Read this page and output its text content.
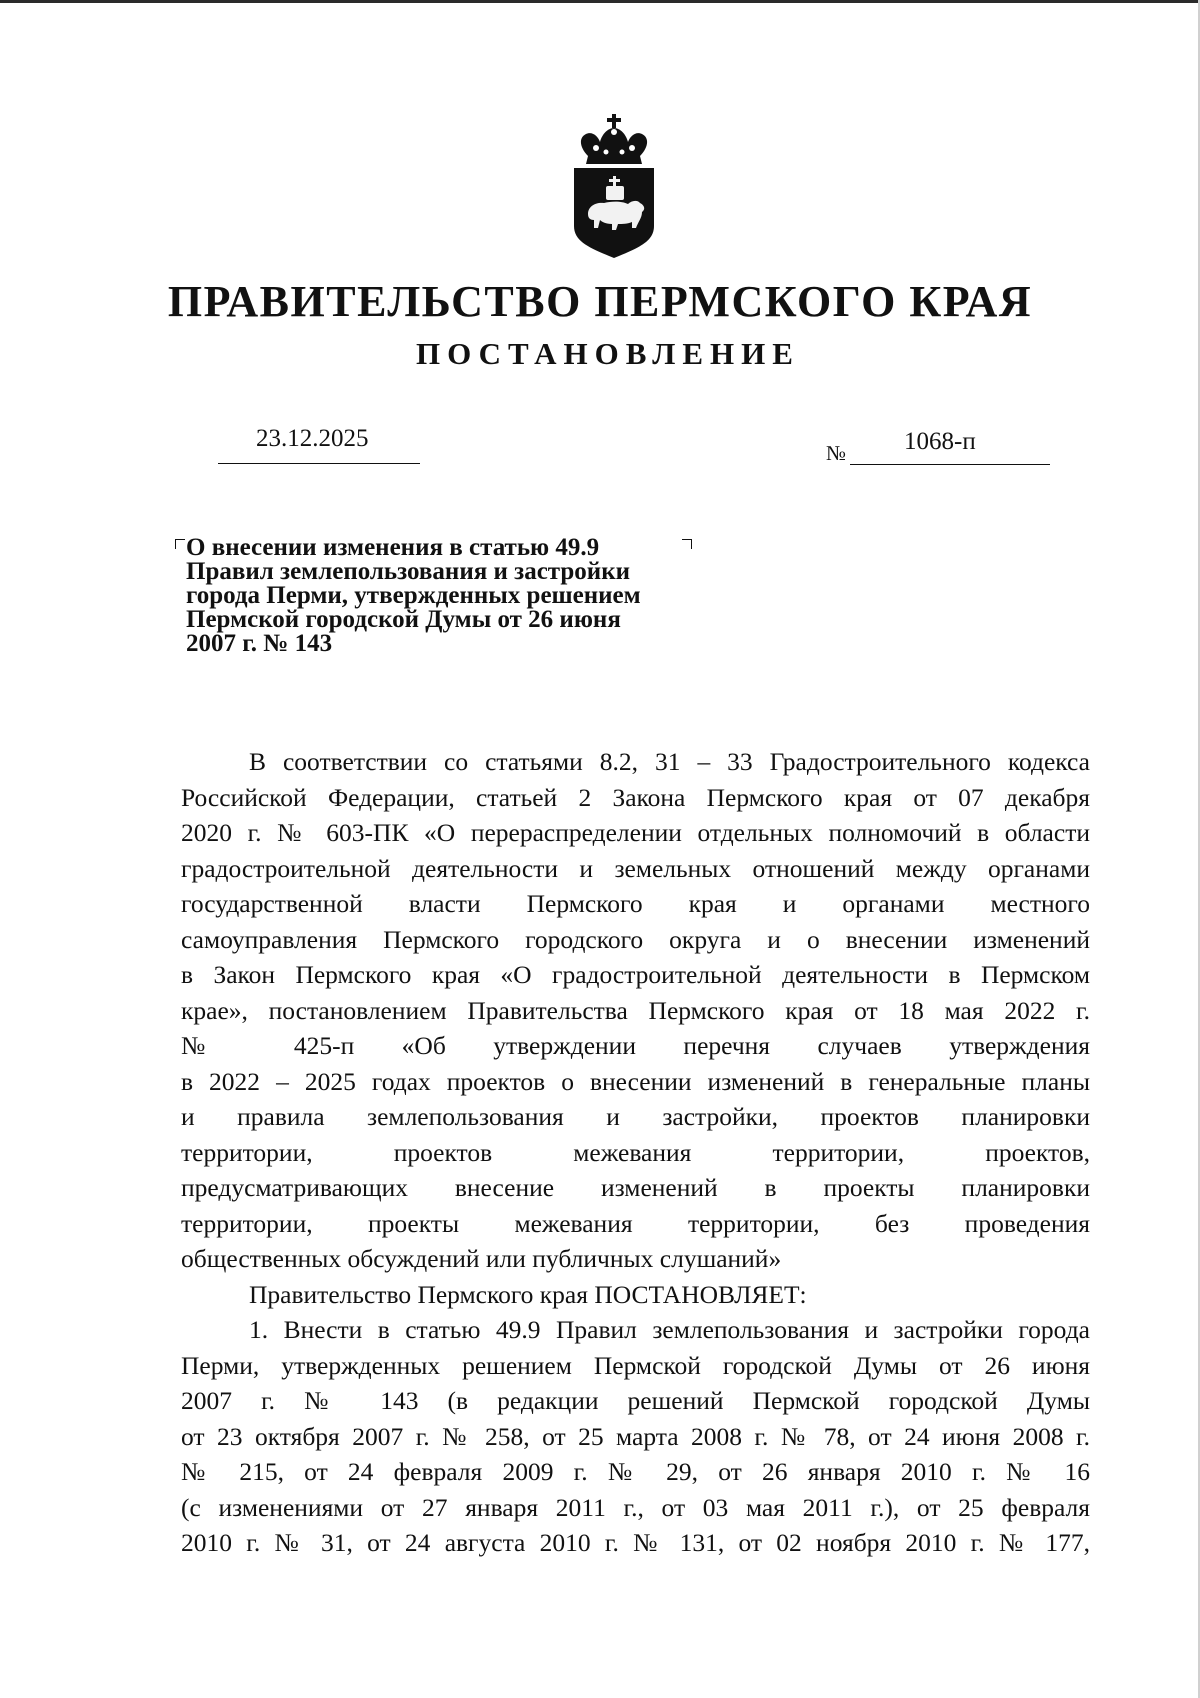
ПРАВИТЕЛЬСТВО ПЕРМСКОГО КРАЯ
ПОСТАНОВЛЕНИЕ
23.12.2025
№ 1068-п
О внесении изменения в статью 49.9
Правил землепользования и застройки
города Перми, утвержденных решением
Пермской городской Думы от 26 июня
2007 г. № 143
В соответствии со статьями 8.2, 31 – 33 Градостроительного кодекса
Российской Федерации, статьей 2 Закона Пермского края от 07 декабря
2020 г. № 603-ПК «О перераспределении отдельных полномочий в области
градостроительной деятельности и земельных отношений между органами
государственной власти Пермского края и органами местного
самоуправления Пермского городского округа и о внесении изменений
в Закон Пермского края «О градостроительной деятельности в Пермском
крае», постановлением Правительства Пермского края от 18 мая 2022 г.
№ 425-п «Об утверждении перечня случаев утверждения
в 2022 – 2025 годах проектов о внесении изменений в генеральные планы
и правила землепользования и застройки, проектов планировки
территории, проектов межевания территории, проектов,
предусматривающих внесение изменений в проекты планировки
территории, проекты межевания территории, без проведения
общественных обсуждений или публичных слушаний»
Правительство Пермского края ПОСТАНОВЛЯЕТ:
1. Внести в статью 49.9 Правил землепользования и застройки города
Перми, утвержденных решением Пермской городской Думы от 26 июня
2007 г. № 143 (в редакции решений Пермской городской Думы
от 23 октября 2007 г. № 258, от 25 марта 2008 г. № 78, от 24 июня 2008 г.
№ 215, от 24 февраля 2009 г. № 29, от 26 января 2010 г. № 16
(с изменениями от 27 января 2011 г., от 03 мая 2011 г.), от 25 февраля
2010 г. № 31, от 24 августа 2010 г. № 131, от 02 ноября 2010 г. № 177,
